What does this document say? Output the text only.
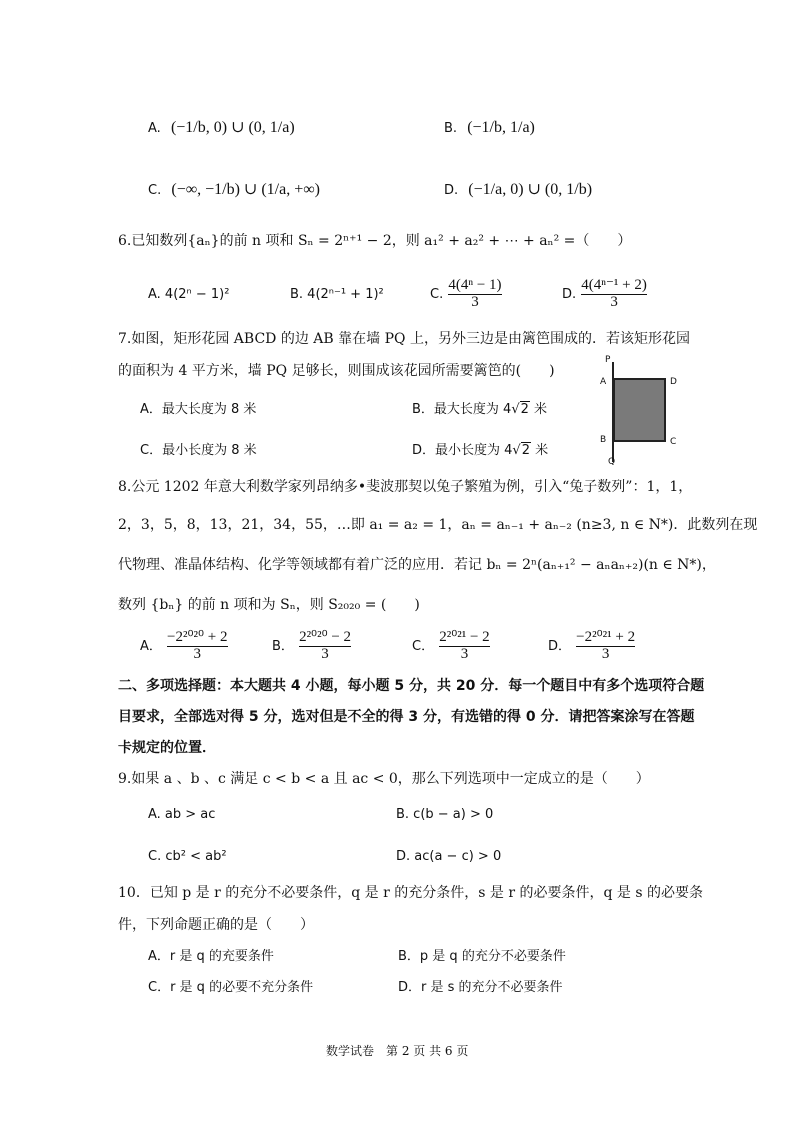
A. (−1/b, 0) ∪ (0, 1/a)	B. (−1/b, 1/a)
C. (−∞, −1/b) ∪ (1/a, +∞)	D. (−1/a, 0) ∪ (0, 1/b)
6.已知数列{aₙ}的前 n 项和 Sₙ = 2ⁿ⁺¹ − 2，则 a₁² + a₂² + ⋯ + aₙ² =（　　）
A. 4(2ⁿ − 1)²	B. 4(2ⁿ⁻¹ + 1)²	C. $\frac{\text{4(4ⁿ − 1)}}{3}$	D. $\frac{\text{4(4ⁿ⁻¹ + 2)}}{3}$
7.如图，矩形花园 ABCD 的边 AB 靠在墙 PQ 上，另外三边是由篱笆围成的．若该矩形花园
的面积为 4 平方米，墙 PQ 足够长，则围成该花园所需要篱笆的(　　)
A．最大长度为 8 米	B．最大长度为 4√2 米
C．最小长度为 8 米	D．最小长度为 4√2 米
P
A	D
B	C
Q
8.公元 1202 年意大利数学家列昂纳多•斐波那契以兔子繁殖为例，引入“兔子数列”：1，1，
2，3，5，8，13，21，34，55，…即 a₁ = a₂ = 1，aₙ = aₙ₋₁ + aₙ₋₂ (n≥3, n ∈ N*)．此数列在现
代物理、准晶体结构、化学等领域都有着广泛的应用．若记 bₙ = 2ⁿ(aₙ₊₁² − aₙaₙ₊₂)(n ∈ N*)，
数列 {bₙ} 的前 n 项和为 Sₙ，则 S₂₀₂₀ = (　　)
A． $\frac{\text{−2²⁰²⁰ + 2}}{3}$	B． $\frac{\text{2²⁰²⁰ − 2}}{3}$	C． $\frac{\text{2²⁰²¹ − 2}}{3}$	D． $\frac{\text{−2²⁰²¹ + 2}}{3}$
二、多项选择题：本大题共 4 小题，每小题 5 分，共 20 分．每一个题目中有多个选项符合题
目要求，全部选对得 5 分，选对但是不全的得 3 分，有选错的得 0 分．请把答案涂写在答题
卡规定的位置．
9.如果 a 、b 、c 满足 c < b < a 且 ac < 0，那么下列选项中一定成立的是（　　）
A. ab > ac	B. c(b − a) > 0
C. cb² < ab²	D. ac(a − c) > 0
10．已知 p 是 r 的充分不必要条件，q 是 r 的充分条件，s 是 r 的必要条件，q 是 s 的必要条
件，下列命题正确的是（　　）
A．r 是 q 的充要条件	B．p 是 q 的充分不必要条件
C．r 是 q 的必要不充分条件	D．r 是 s 的充分不必要条件
数学试卷　第 2 页 共 6 页
